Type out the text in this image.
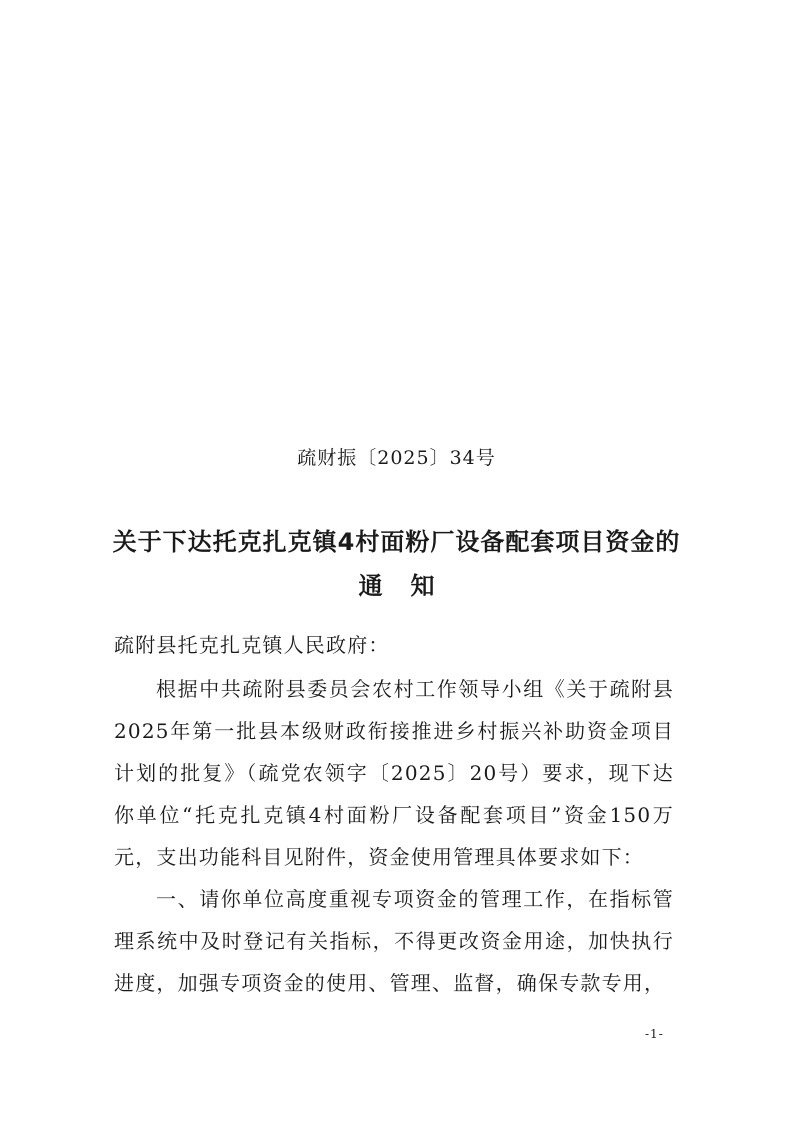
疏财振〔2025〕34号
关于下达托克扎克镇4村面粉厂设备配套项目资金的
通知
疏附县托克扎克镇人民政府：
根据中共疏附县委员会农村工作领导小组《关于疏附县2025年第一批县本级财政衔接推进乡村振兴补助资金项目计划的批复》（疏党农领字〔2025〕20号）要求，现下达你单位“托克扎克镇4村面粉厂设备配套项目”资金150万元，支出功能科目见附件，资金使用管理具体要求如下：
一、请你单位高度重视专项资金的管理工作，在指标管理系统中及时登记有关指标，不得更改资金用途，加快执行进度，加强专项资金的使用、管理、监督，确保专款专用，
-1-
